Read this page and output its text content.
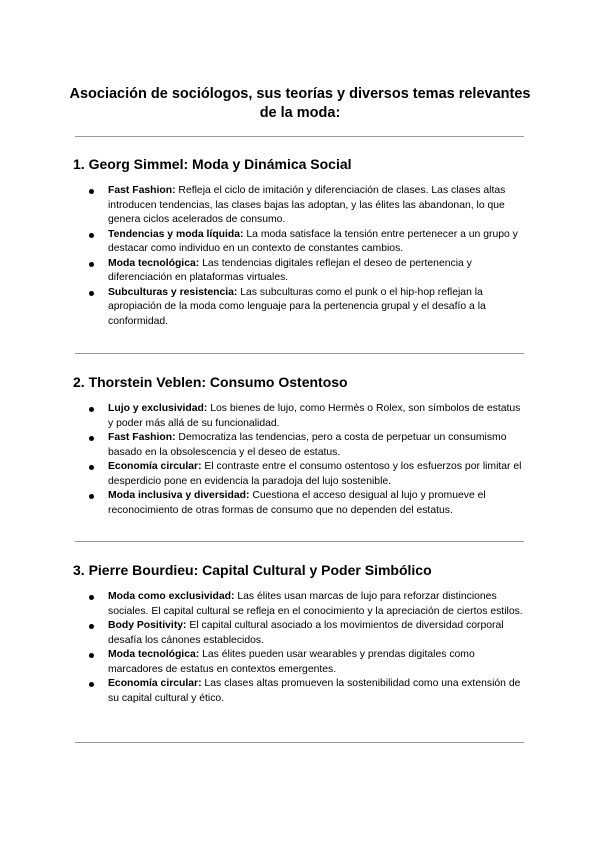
Asociación de sociólogos, sus teorías y diversos temas relevantes de la moda:
1. Georg Simmel: Moda y Dinámica Social
Fast Fashion: Refleja el ciclo de imitación y diferenciación de clases. Las clases altas introducen tendencias, las clases bajas las adoptan, y las élites las abandonan, lo que genera ciclos acelerados de consumo.
Tendencias y moda líquida: La moda satisface la tensión entre pertenecer a un grupo y destacar como individuo en un contexto de constantes cambios.
Moda tecnológica: Las tendencias digitales reflejan el deseo de pertenencia y diferenciación en plataformas virtuales.
Subculturas y resistencia: Las subculturas como el punk o el hip-hop reflejan la apropiación de la moda como lenguaje para la pertenencia grupal y el desafío a la conformidad.
2. Thorstein Veblen: Consumo Ostentoso
Lujo y exclusividad: Los bienes de lujo, como Hermès o Rolex, son símbolos de estatus y poder más allá de su funcionalidad.
Fast Fashion: Democratiza las tendencias, pero a costa de perpetuar un consumismo basado en la obsolescencia y el deseo de estatus.
Economía circular: El contraste entre el consumo ostentoso y los esfuerzos por limitar el desperdicio pone en evidencia la paradoja del lujo sostenible.
Moda inclusiva y diversidad: Cuestiona el acceso desigual al lujo y promueve el reconocimiento de otras formas de consumo que no dependen del estatus.
3. Pierre Bourdieu: Capital Cultural y Poder Simbólico
Moda como exclusividad: Las élites usan marcas de lujo para reforzar distinciones sociales. El capital cultural se refleja en el conocimiento y la apreciación de ciertos estilos.
Body Positivity: El capital cultural asociado a los movimientos de diversidad corporal desafía los cánones establecidos.
Moda tecnológica: Las élites pueden usar wearables y prendas digitales como marcadores de estatus en contextos emergentes.
Economía circular: Las clases altas promueven la sostenibilidad como una extensión de su capital cultural y ético.
